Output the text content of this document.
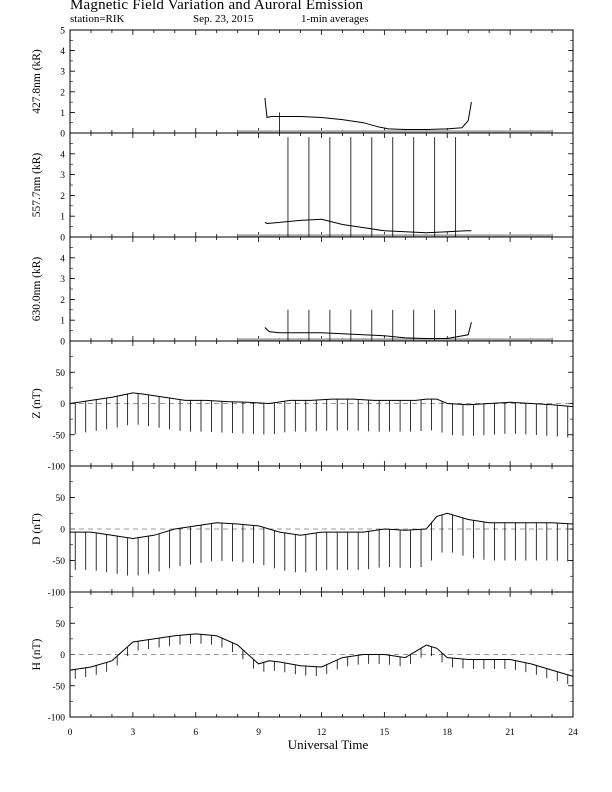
Magnetic Field Variation and Auroral Emission
station=RIK	Sep. 23, 2015	1-min averages
0
1
2
3
4
5
427.8nm (kR)
0
1
2
3
4
557.7nm (kR)
0
1
2
3
4
630.0nm (kR)
-100
-50
0
50
Z (nT)
-100
-50
0
50
D (nT)
-100
-50
0
50
H (nT)
0	3	6	9	12	15	18	21	24
Universal Time
